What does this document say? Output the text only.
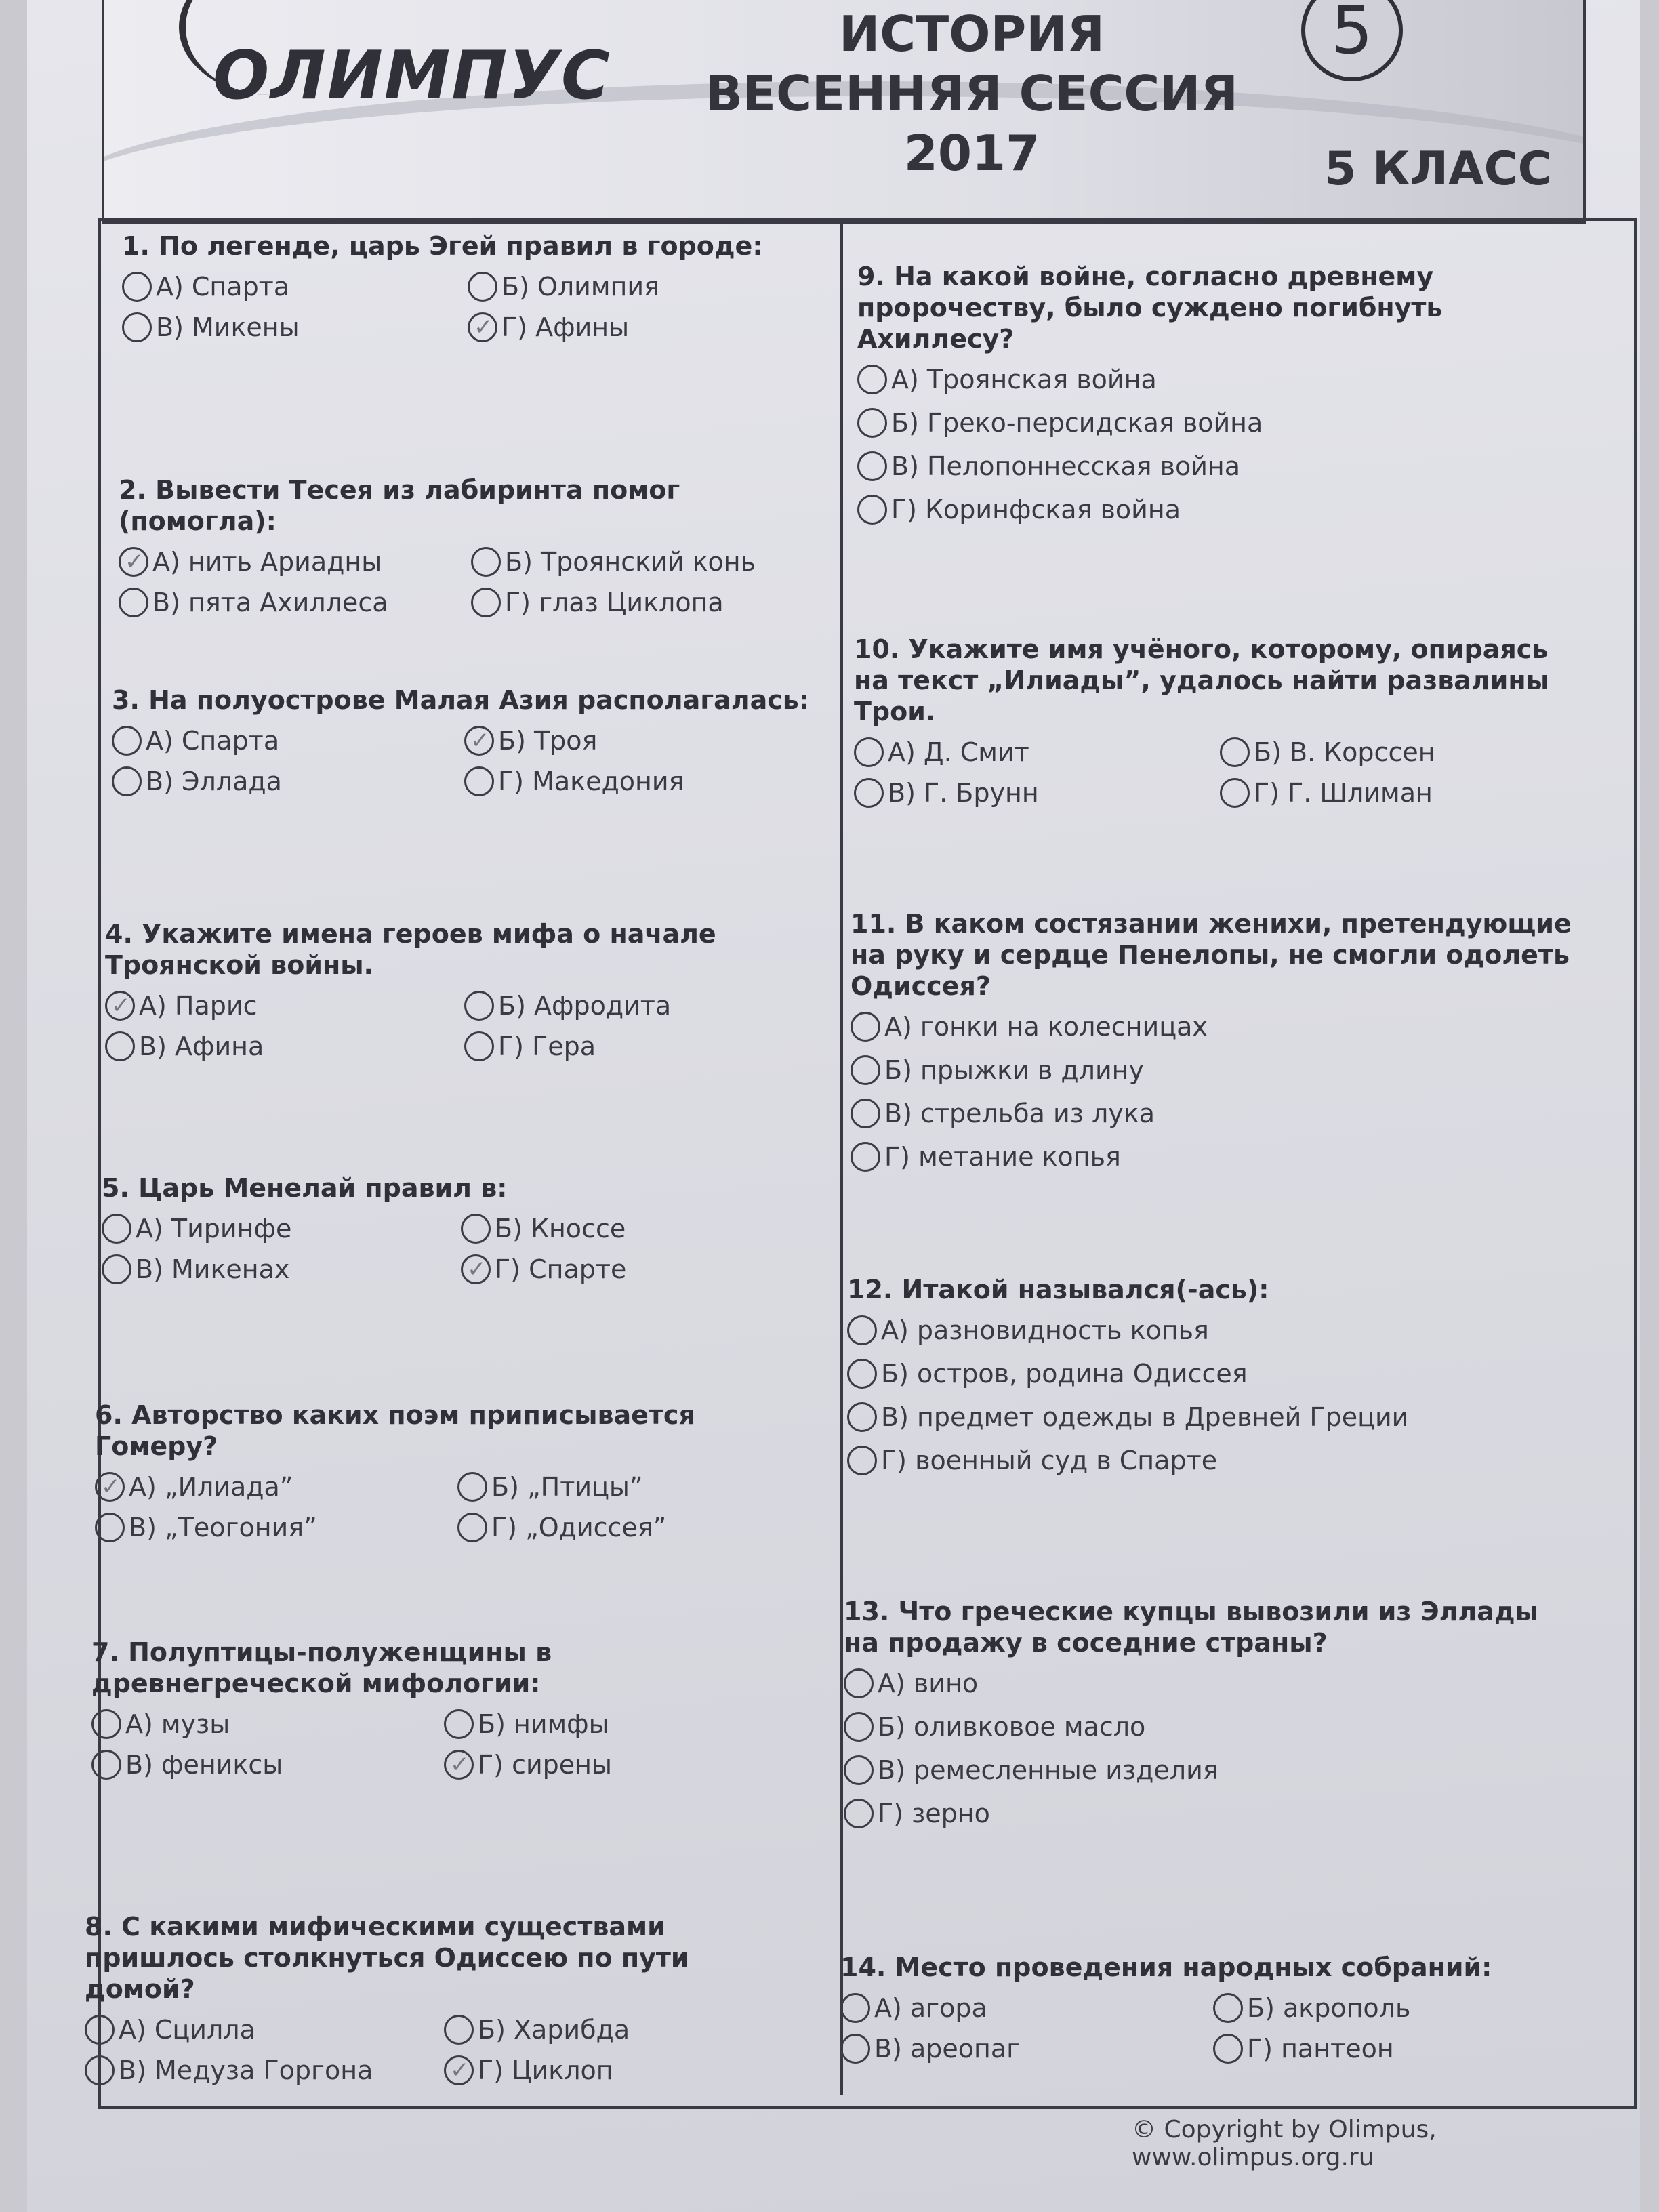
ОЛИМПУС
ИСТОРИЯ
ВЕСЕННЯЯ СЕССИЯ
2017	5 КЛАСС
5
1. По легенде, царь Эгей правил в городе:
А) Спарта	Б) Олимпия
В) Микены ✓	Г) Афины
2. Вывести Тесея из лабиринта помог (помогла):
✓
А) нить Ариадны	Б) Троянский конь
В) пята Ахиллеса	Г) глаз Циклопа
3. На полуострове Малая Азия располагалась:
А) Спарта ✓	Б) Троя
В) Эллада	Г) Македония
4. Укажите имена героев мифа о начале Троянской войны.
✓
А) Парис	Б) Афродита
В) Афина	Г) Гера
5. Царь Менелай правил в:
А) Тиринфе	Б) Кноссе
В) Микенах ✓	Г) Спарте
6. Авторство каких поэм приписывается Гомеру?
✓
А) „Илиада”	Б) „Птицы”
В) „Теогония”	Г) „Одиссея”
7. Полуптицы-полуженщины в древнегреческой мифологии:
А) музы	Б) нимфы
В) фениксы ✓	Г) сирены
8. С какими мифическими существами пришлось столкнуться Одиссею по пути домой?
А) Сцилла	Б) Харибда
В) Медуза Горгона ✓	Г) Циклоп
9. На какой войне, согласно древнему пророчеству, было суждено погибнуть Ахиллесу?
А) Троянская война
Б) Греко-персидская война
В) Пелопоннесская война
Г) Коринфская война
10. Укажите имя учёного, которому, опираясь на текст „Илиады”, удалось найти развалины Трои.
А) Д. Смит	Б) В. Корссен
В) Г. Брунн	Г) Г. Шлиман
11. В каком состязании женихи, претендующие на руку и сердце Пенелопы, не смогли одолеть Одиссея?
А) гонки на колесницах
Б) прыжки в длину
В) стрельба из лука
Г) метание копья
12. Итакой назывался(-ась):
А) разновидность копья
Б) остров, родина Одиссея
В) предмет одежды в Древней Греции
Г) военный суд в Спарте
13. Что греческие купцы вывозили из Эллады на продажу в соседние страны?
А) вино
Б) оливковое масло
В) ремесленные изделия
Г) зерно
14. Место проведения народных собраний:
А) агора	Б) акрополь
В) ареопаг	Г) пантеон
© Copyright by Olimpus, www.olimpus.org.ru
